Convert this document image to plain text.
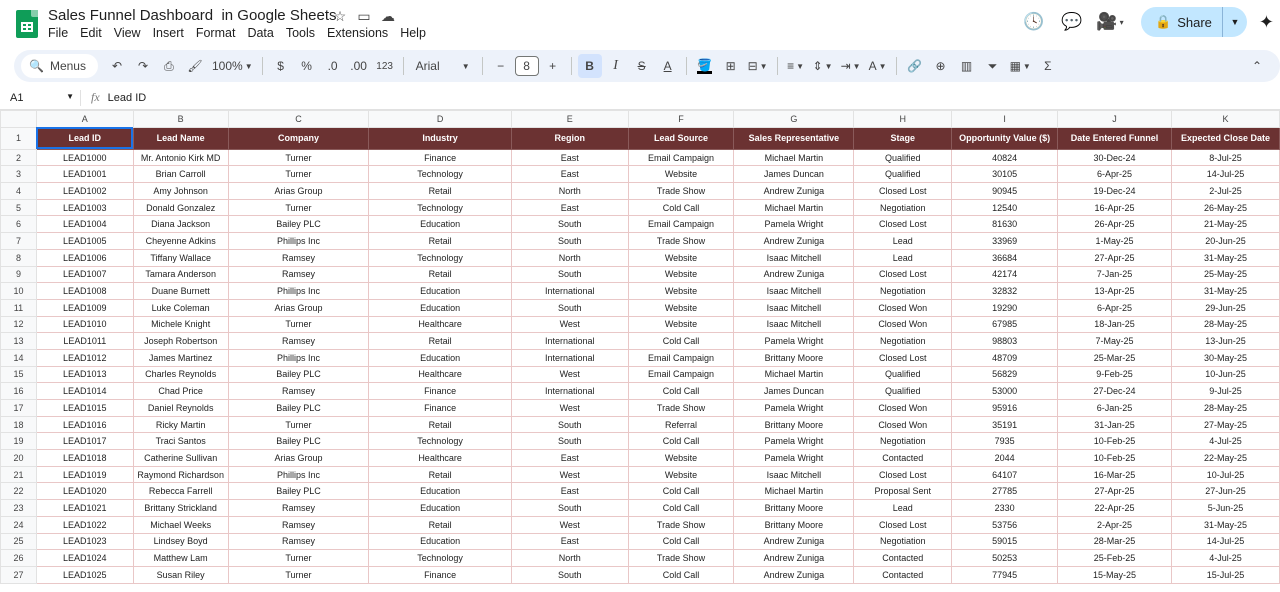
Sales Funnel Dashboard  in Google Sheets
☆ ▭ ☁
File Edit View Insert Format Data Tools Extensions Help
🕓 💬 🎥 ▾ 🔒 Share	▼	✦
🔍 Menus	↶	↷	⎙	🖌 100% ▼	$	%	.0	.00 123	Arial	▼	−	8	+	B I S A 🪣	⊞ ⊟ ▼ ≡ ▼ ⇕ ▼ ⇥ ▼ A ▼	🔗	⊕	▥	⏷	▦ ▼	Σ	⌃
A1	▼ fx Lead ID
	A	B	C	D	E	F	G	H	I	J	K
1	Lead ID	Lead Name	Company	Industry	Region	Lead Source	Sales Representative	Stage	Opportunity Value ($)	Date Entered Funnel	Expected Close Date
2	LEAD1000	Mr. Antonio Kirk MD	Turner	Finance	East	Email Campaign	Michael Martin	Qualified	40824	30-Dec-24	8-Jul-25
3	LEAD1001	Brian Carroll	Turner	Technology	East	Website	James Duncan	Qualified	30105	6-Apr-25	14-Jul-25
4	LEAD1002	Amy Johnson	Arias Group	Retail	North	Trade Show	Andrew Zuniga	Closed Lost	90945	19-Dec-24	2-Jul-25
5	LEAD1003	Donald Gonzalez	Turner	Technology	East	Cold Call	Michael Martin	Negotiation	12540	16-Apr-25	26-May-25
6	LEAD1004	Diana Jackson	Bailey PLC	Education	South	Email Campaign	Pamela Wright	Closed Lost	81630	26-Apr-25	21-May-25
7	LEAD1005	Cheyenne Adkins	Phillips Inc	Retail	South	Trade Show	Andrew Zuniga	Lead	33969	1-May-25	20-Jun-25
8	LEAD1006	Tiffany Wallace	Ramsey	Technology	North	Website	Isaac Mitchell	Lead	36684	27-Apr-25	31-May-25
9	LEAD1007	Tamara Anderson	Ramsey	Retail	South	Website	Andrew Zuniga	Closed Lost	42174	7-Jan-25	25-May-25
10	LEAD1008	Duane Burnett	Phillips Inc	Education	International	Website	Isaac Mitchell	Negotiation	32832	13-Apr-25	31-May-25
11	LEAD1009	Luke Coleman	Arias Group	Education	South	Website	Isaac Mitchell	Closed Won	19290	6-Apr-25	29-Jun-25
12	LEAD1010	Michele Knight	Turner	Healthcare	West	Website	Isaac Mitchell	Closed Won	67985	18-Jan-25	28-May-25
13	LEAD1011	Joseph Robertson	Ramsey	Retail	International	Cold Call	Pamela Wright	Negotiation	98803	7-May-25	13-Jun-25
14	LEAD1012	James Martinez	Phillips Inc	Education	International	Email Campaign	Brittany Moore	Closed Lost	48709	25-Mar-25	30-May-25
15	LEAD1013	Charles Reynolds	Bailey PLC	Healthcare	West	Email Campaign	Michael Martin	Qualified	56829	9-Feb-25	10-Jun-25
16	LEAD1014	Chad Price	Ramsey	Finance	International	Cold Call	James Duncan	Qualified	53000	27-Dec-24	9-Jul-25
17	LEAD1015	Daniel Reynolds	Bailey PLC	Finance	West	Trade Show	Pamela Wright	Closed Won	95916	6-Jan-25	28-May-25
18	LEAD1016	Ricky Martin	Turner	Retail	South	Referral	Brittany Moore	Closed Won	35191	31-Jan-25	27-May-25
19	LEAD1017	Traci Santos	Bailey PLC	Technology	South	Cold Call	Pamela Wright	Negotiation	7935	10-Feb-25	4-Jul-25
20	LEAD1018	Catherine Sullivan	Arias Group	Healthcare	East	Website	Pamela Wright	Contacted	2044	10-Feb-25	22-May-25
21	LEAD1019	Raymond Richardson	Phillips Inc	Retail	West	Website	Isaac Mitchell	Closed Lost	64107	16-Mar-25	10-Jul-25
22	LEAD1020	Rebecca Farrell	Bailey PLC	Education	East	Cold Call	Michael Martin	Proposal Sent	27785	27-Apr-25	27-Jun-25
23	LEAD1021	Brittany Strickland	Ramsey	Education	South	Cold Call	Brittany Moore	Lead	2330	22-Apr-25	5-Jun-25
24	LEAD1022	Michael Weeks	Ramsey	Retail	West	Trade Show	Brittany Moore	Closed Lost	53756	2-Apr-25	31-May-25
25	LEAD1023	Lindsey Boyd	Ramsey	Education	East	Cold Call	Andrew Zuniga	Negotiation	59015	28-Mar-25	14-Jul-25
26	LEAD1024	Matthew Lam	Turner	Technology	North	Trade Show	Andrew Zuniga	Contacted	50253	25-Feb-25	4-Jul-25
27	LEAD1025	Susan Riley	Turner	Finance	South	Cold Call	Andrew Zuniga	Contacted	77945	15-May-25	15-Jul-25
